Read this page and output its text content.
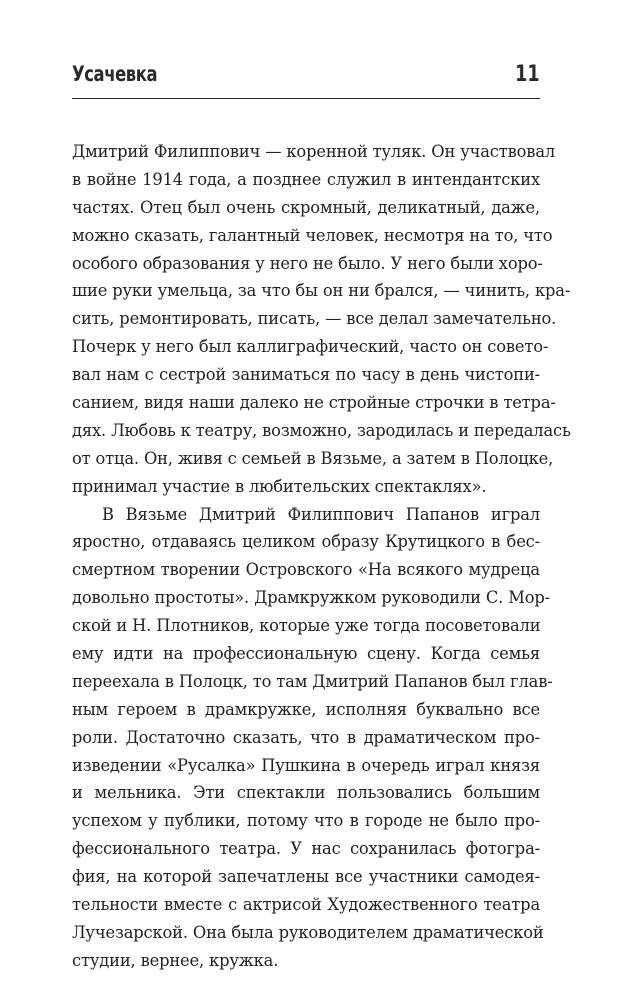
Усачевка	11
Дмитрий Филиппович — коренной туляк. Он участвовал
в войне 1914 года, а позднее служил в интендантских
частях. Отец был очень скромный, деликатный, даже,
можно сказать, галантный человек, несмотря на то, что
особого образования у него не было. У него были хоро-
шие руки умельца, за что бы он ни брался, — чинить, кра-
сить, ремонтировать, писать, — все делал замечательно.
Почерк у него был каллиграфический, часто он совето-
вал нам с сестрой заниматься по часу в день чистопи-
санием, видя наши далеко не стройные строчки в тетра-
дях. Любовь к театру, возможно, зародилась и передалась
от отца. Он, живя с семьей в Вязьме, а затем в Полоцке,
принимал участие в любительских спектаклях».
В Вязьме Дмитрий Филиппович Папанов играл
яростно, отдаваясь целиком образу Крутицкого в бес-
смертном творении Островского «На всякого мудреца
довольно простоты». Драмкружком руководили С. Мор-
ской и Н. Плотников, которые уже тогда посоветовали
ему идти на профессиональную сцену. Когда семья
переехала в Полоцк, то там Дмитрий Папанов был глав-
ным героем в драмкружке, исполняя буквально все
роли. Достаточно сказать, что в драматическом про-
изведении «Русалка» Пушкина в очередь играл князя
и мельника. Эти спектакли пользовались большим
успехом у публики, потому что в городе не было про-
фессионального театра. У нас сохранилась фотогра-
фия, на которой запечатлены все участники самодея-
тельности вместе с актрисой Художественного театра
Лучезарской. Она была руководителем драматической
студии, вернее, кружка.
